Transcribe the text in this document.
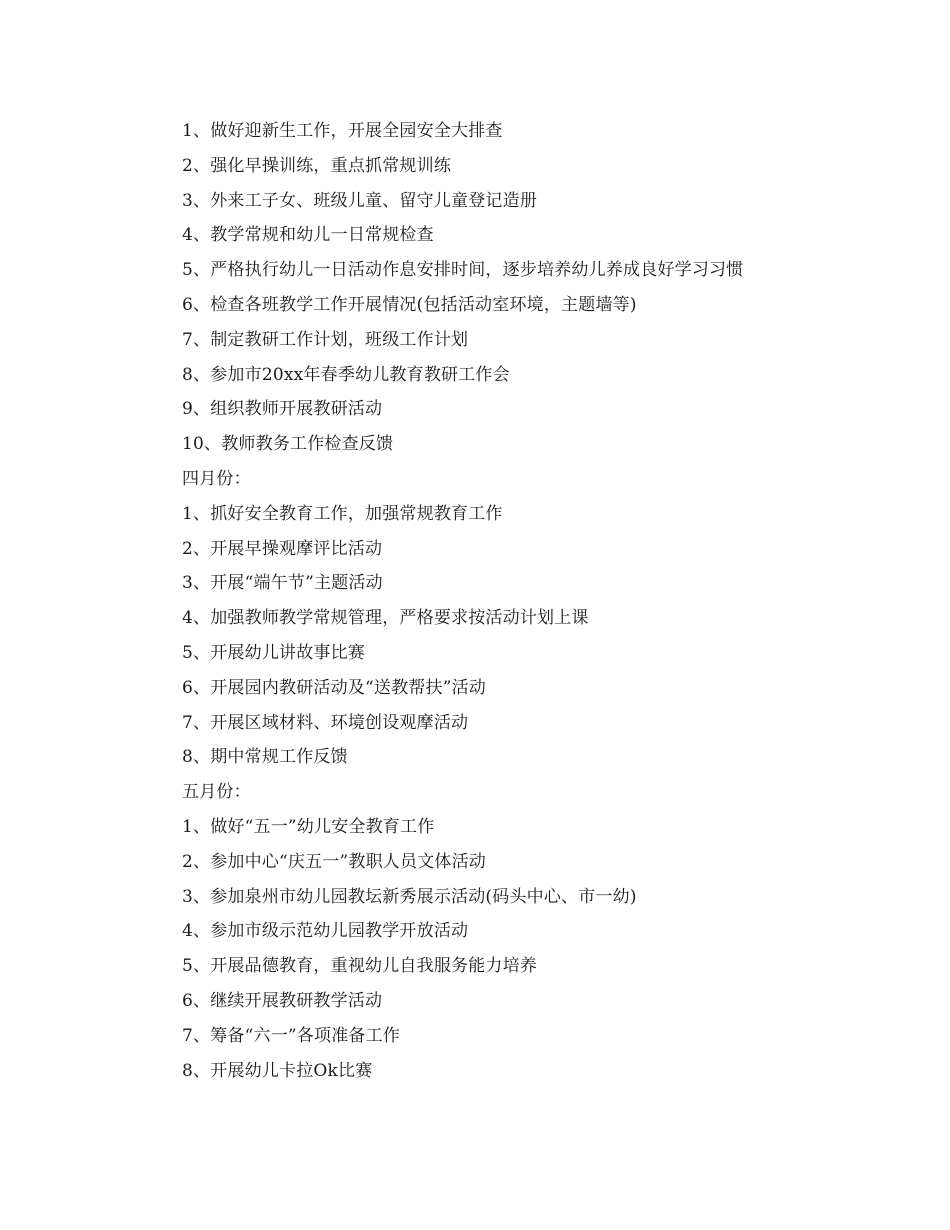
1、做好迎新生工作，开展全园安全大排查
2、强化早操训练，重点抓常规训练
3、外来工子女、班级儿童、留守儿童登记造册
4、教学常规和幼儿一日常规检查
5、严格执行幼儿一日活动作息安排时间，逐步培养幼儿养成良好学习习惯
6、检查各班教学工作开展情况(包括活动室环境，主题墙等)
7、制定教研工作计划，班级工作计划
8、参加市20xx年春季幼儿教育教研工作会
9、组织教师开展教研活动
10、教师教务工作检查反馈
四月份：
1、抓好安全教育工作，加强常规教育工作
2、开展早操观摩评比活动
3、开展“端午节”主题活动
4、加强教师教学常规管理，严格要求按活动计划上课
5、开展幼儿讲故事比赛
6、开展园内教研活动及“送教帮扶”活动
7、开展区域材料、环境创设观摩活动
8、期中常规工作反馈
五月份：
1、做好“五一”幼儿安全教育工作
2、参加中心“庆五一”教职人员文体活动
3、参加泉州市幼儿园教坛新秀展示活动(码头中心、市一幼)
4、参加市级示范幼儿园教学开放活动
5、开展品德教育，重视幼儿自我服务能力培养
6、继续开展教研教学活动
7、筹备“六一”各项准备工作
8、开展幼儿卡拉Ok比赛
